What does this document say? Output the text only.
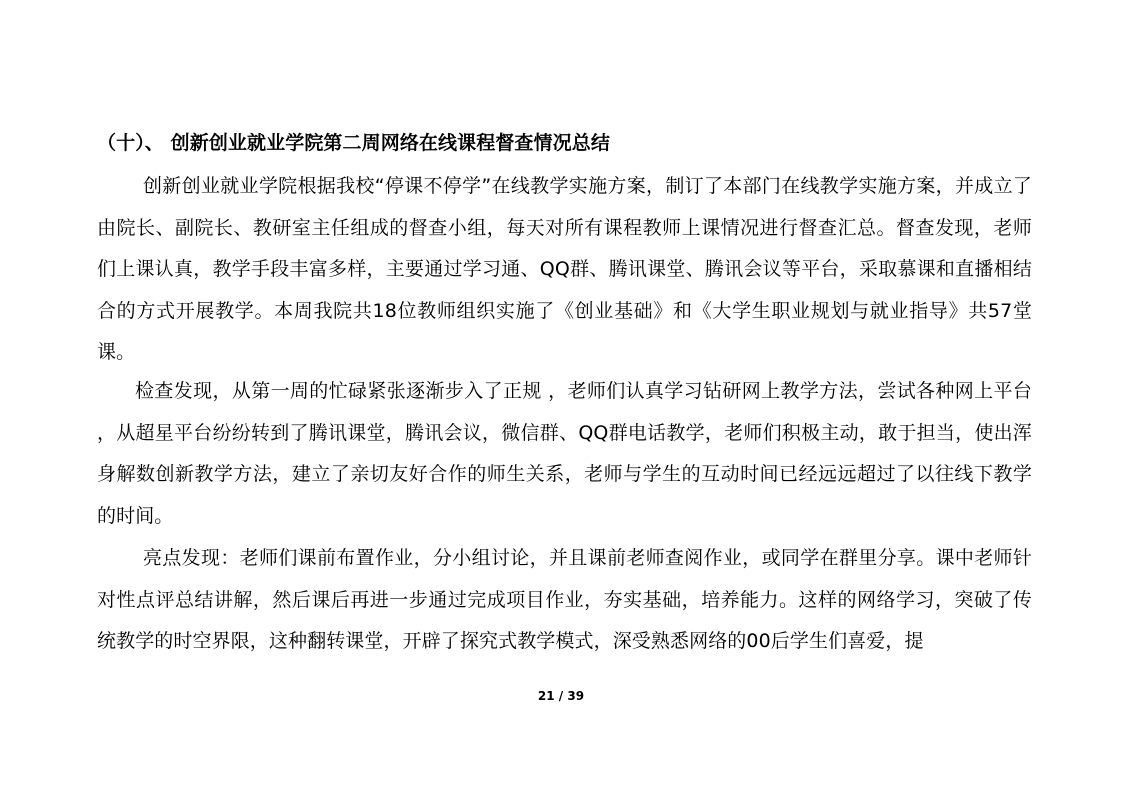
（十）、 创新创业就业学院第二周网络在线课程督查情况总结
创新创业就业学院根据我校“停课不停学”在线教学实施方案，制订了本部门在线教学实施方案，并成立了由院长、副院长、教研室主任组成的督查小组，每天对所有课程教师上课情况进行督查汇总。督查发现，老师们上课认真，教学手段丰富多样，主要通过学习通、QQ群、腾讯课堂、腾讯会议等平台，采取慕课和直播相结合的方式开展教学。本周我院共18位教师组织实施了《创业基础》和《大学生职业规划与就业指导》共57堂课。
检查发现，从第一周的忙碌紧张逐渐步入了正规 ，老师们认真学习钻研网上教学方法，尝试各种网上平台 ，从超星平台纷纷转到了腾讯课堂，腾讯会议，微信群、QQ群电话教学，老师们积极主动，敢于担当，使出浑身解数创新教学方法，建立了亲切友好合作的师生关系，老师与学生的互动时间已经远远超过了以往线下教学的时间。
亮点发现：老师们课前布置作业，分小组讨论，并且课前老师查阅作业，或同学在群里分享。课中老师针对性点评总结讲解，然后课后再进一步通过完成项目作业，夯实基础，培养能力。这样的网络学习，突破了传统教学的时空界限，这种翻转课堂，开辟了探究式教学模式，深受熟悉网络的00后学生们喜爱，提
21 / 39
